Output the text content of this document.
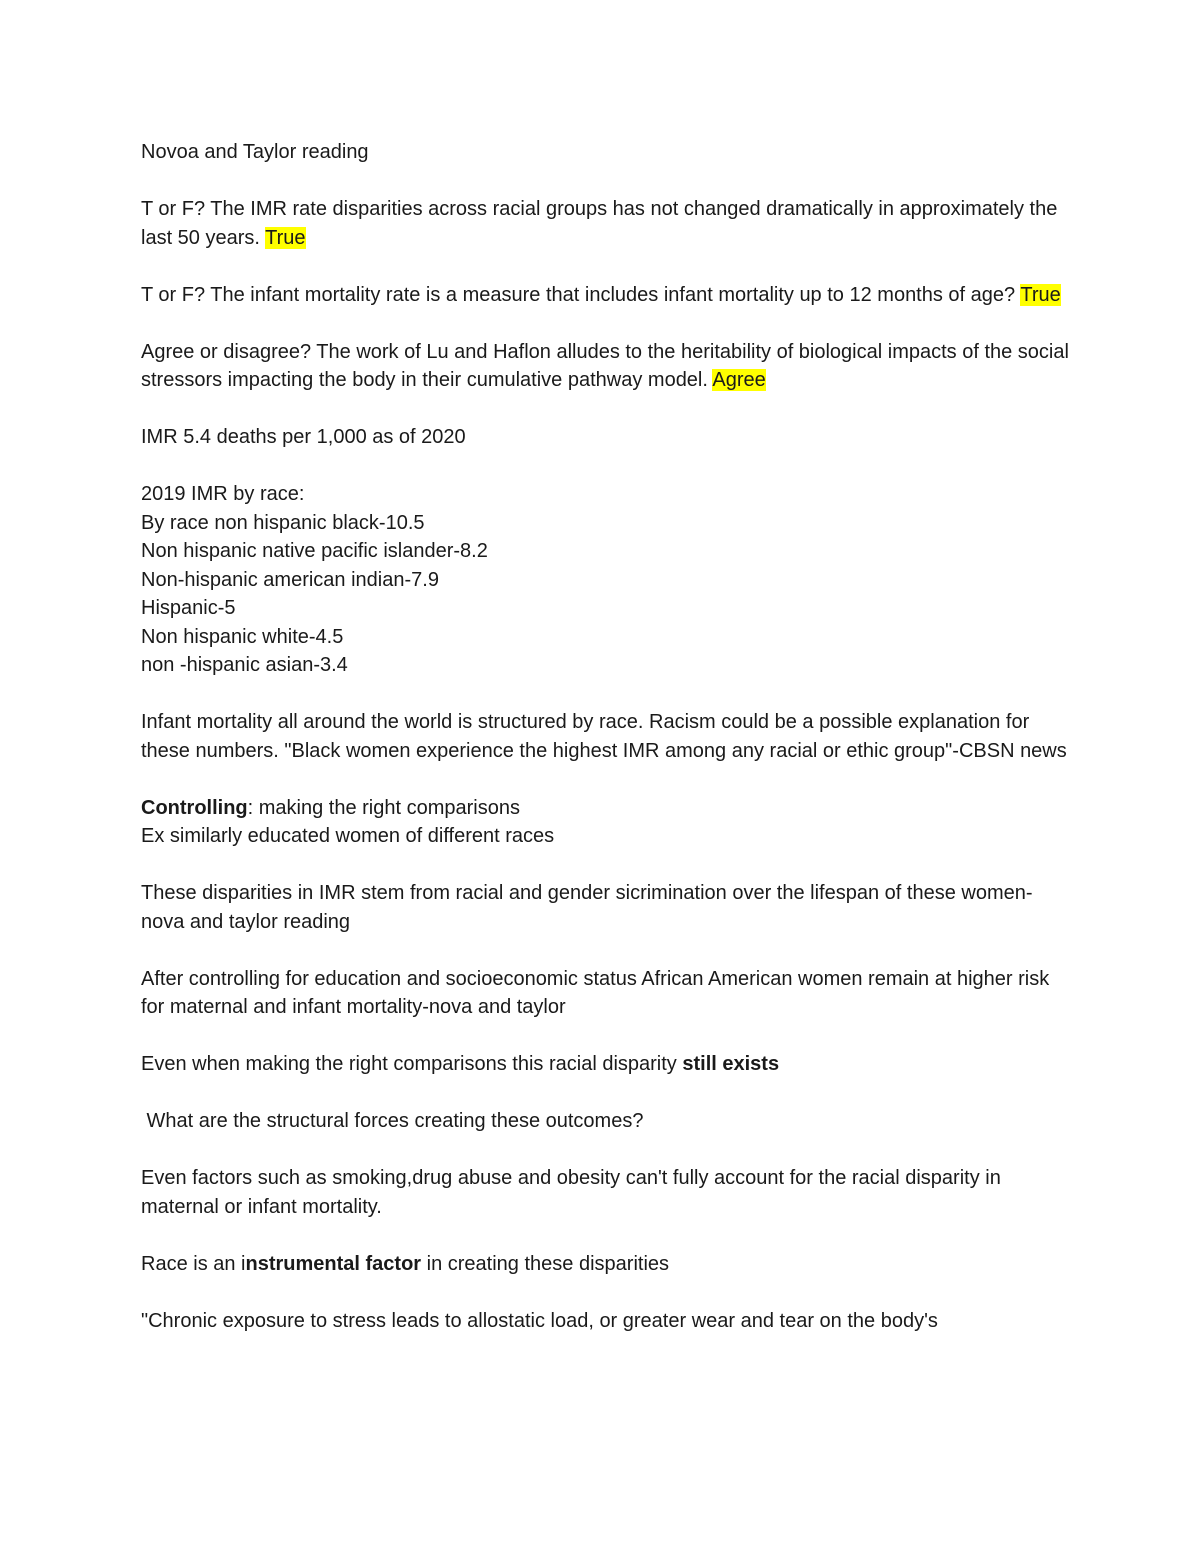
Novoa and Taylor reading

T or F? The IMR rate disparities across racial groups has not changed dramatically in approximately the last 50 years. True

T or F? The infant mortality rate is a measure that includes infant mortality up to 12 months of age? True

Agree or disagree? The work of Lu and Haflon alludes to the heritability of biological impacts of the social stressors impacting the body in their cumulative pathway model. Agree

IMR 5.4 deaths per 1,000 as of 2020

2019 IMR by race:
By race non hispanic black-10.5
Non hispanic native pacific islander-8.2
Non-hispanic american indian-7.9
Hispanic-5
Non hispanic white-4.5
non -hispanic asian-3.4

Infant mortality all around the world is structured by race. Racism could be a possible explanation for these numbers. "Black women experience the highest IMR among any racial or ethic group"-CBSN news

Controlling: making the right comparisons
Ex similarly educated women of different races

These disparities in IMR stem from racial and gender sicrimination over the lifespan of these women-nova and taylor reading

After controlling for education and socioeconomic status African American women remain at higher risk for maternal and infant mortality-nova and taylor

Even when making the right comparisons this racial disparity still exists

What are the structural forces creating these outcomes?

Even factors such as smoking,drug abuse and obesity can't fully account for the racial disparity in maternal or infant mortality.

Race is an instrumental factor in creating these disparities

"Chronic exposure to stress leads to allostatic load, or greater wear and tear on the body's
